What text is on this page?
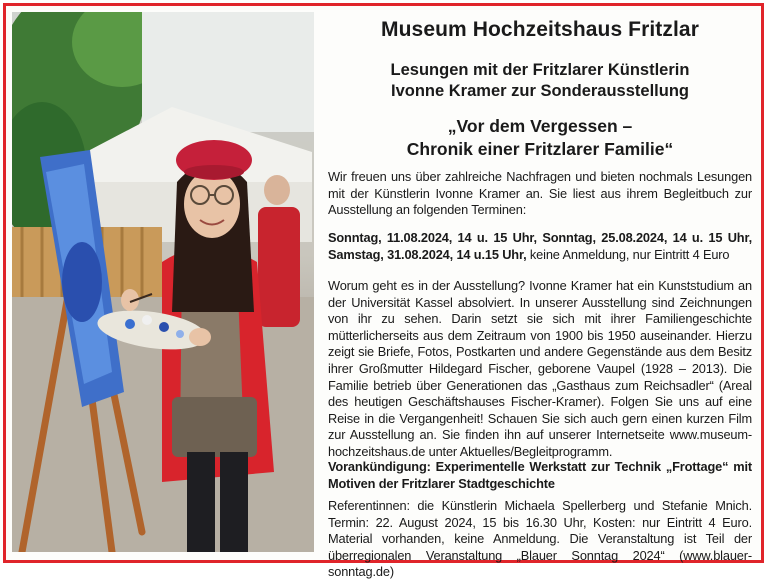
Museum Hochzeitshaus Fritzlar
Lesungen mit der Fritzlarer Künstlerin
Ivonne Kramer zur Sonderausstellung
„Vor dem Vergessen –
Chronik einer Fritzlarer Familie“
Wir freuen uns über zahlreiche Nachfragen und bieten nochmals Lesungen mit der Künstlerin Ivonne Kramer an. Sie liest aus ihrem Begleitbuch zur Ausstellung an folgenden Terminen:
Sonntag, 11.08.2024, 14 u. 15 Uhr, Sonntag, 25.08.2024, 14 u. 15 Uhr, Samstag, 31.08.2024, 14 u.15 Uhr, keine Anmeldung, nur Eintritt 4 Euro
Worum geht es in der Ausstellung? Ivonne Kramer hat ein Kunststudium an der Universität Kassel absolviert. In unserer Ausstellung sind Zeichnungen von ihr zu sehen. Darin setzt sie sich mit ihrer Familiengeschichte mütterlicherseits aus dem Zeitraum von 1900 bis 1950 auseinander. Hierzu zeigt sie Briefe, Fotos, Postkarten und andere Gegenstände aus dem Besitz ihrer Großmutter Hildegard Fischer, geborene Vaupel (1928 – 2013). Die Familie betrieb über Generationen das „Gasthaus zum Reichsadler“ (Areal des heutigen Geschäftshauses Fischer-Kramer). Folgen Sie uns auf eine Reise in die Vergangenheit! Schauen Sie sich auch gern einen kurzen Film zur Ausstellung an. Sie finden ihn auf unserer Internetseite www.museum-hochzeitshaus.de unter Aktuelles/Begleitprogramm.
Vorankündigung: Experimentelle Werkstatt zur Technik „Frottage“ mit Motiven der Fritzlarer Stadtgeschichte
Referentinnen: die Künstlerin Michaela Spellerberg und Stefanie Mnich. Termin: 22. August 2024, 15 bis 16.30 Uhr, Kosten: nur Eintritt 4 Euro. Material vorhanden, keine Anmeldung. Die Veranstaltung ist Teil der überregionalen Veranstaltung „Blauer Sonntag 2024“ (www.blauer-sonntag.de)
